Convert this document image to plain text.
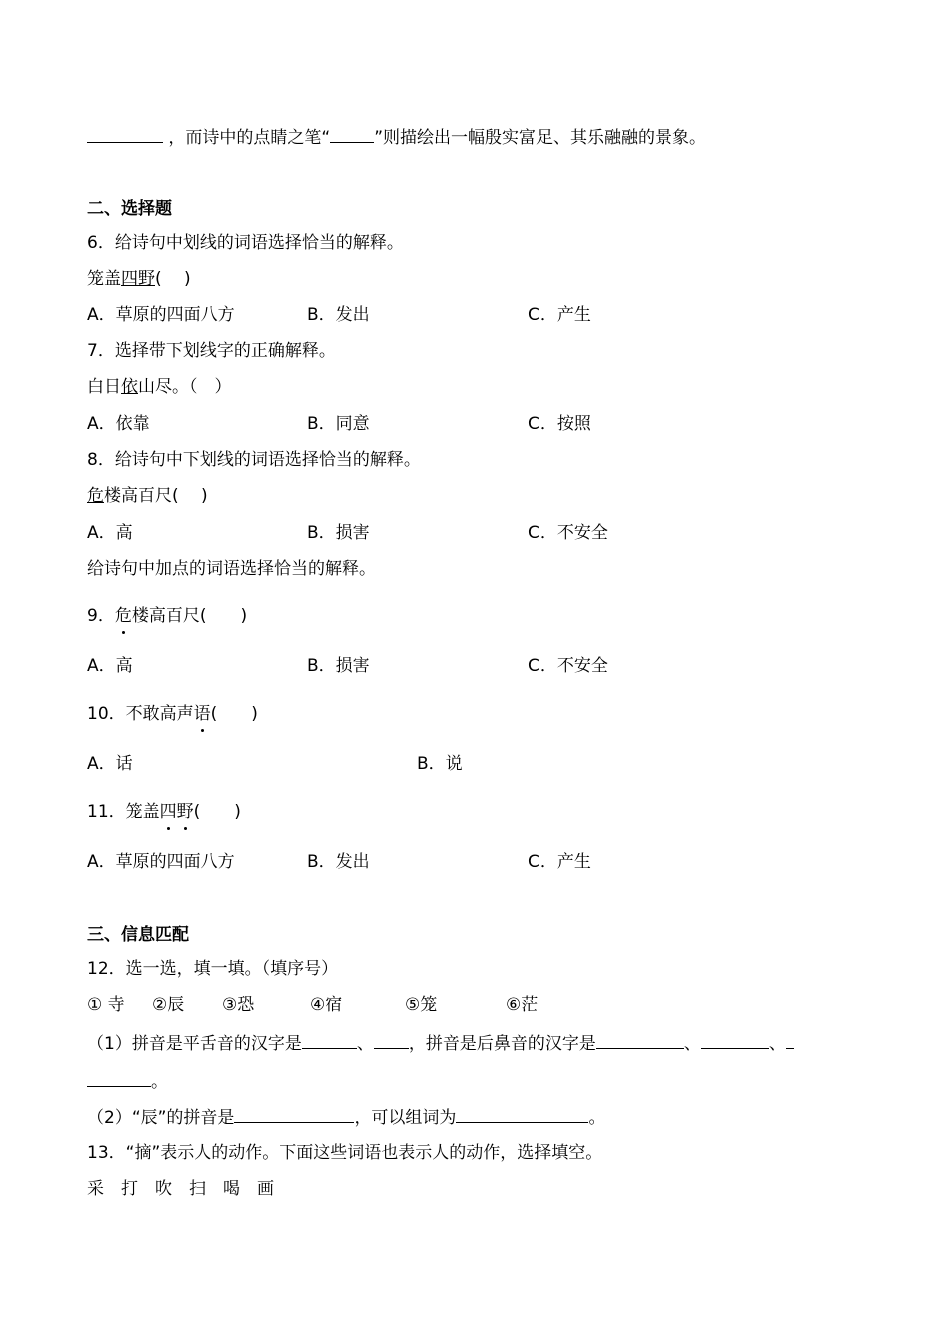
，而诗中的点睛之笔“	”则描绘出一幅殷实富足、其乐融融的景象。
二、选择题
6．给诗句中划线的词语选择恰当的解释。
笼盖四野(　 )
A．草原的四面八方	B．发出	C．产生
7．选择带下划线字的正确解释。
白日依山尽。（　）
A．依靠	B．同意	C．按照
8．给诗句中下划线的词语选择恰当的解释。
危楼高百尺(　 )
A．高	B．损害	C．不安全
给诗句中加点的词语选择恰当的解释。
9．危楼高百尺(　　)
A．高	B．损害	C．不安全
10．不敢高声语(　　)
A．话	B．说
11．笼盖四野(　　)
A．草原的四面八方	B．发出	C．产生
三、信息匹配
12．选一选，填一填。（填序号）
① 寺 ②辰 ③恐	④宿	⑤笼	⑥茫
（1）拼音是平舌音的汉字是	、 ，拼音是后鼻音的汉字是	、	、
。
（2）“辰”的拼音是	，可以组词为	。
13．“摘”表示人的动作。下面这些词语也表示人的动作，选择填空。
采　打　吹　扫　喝　画
